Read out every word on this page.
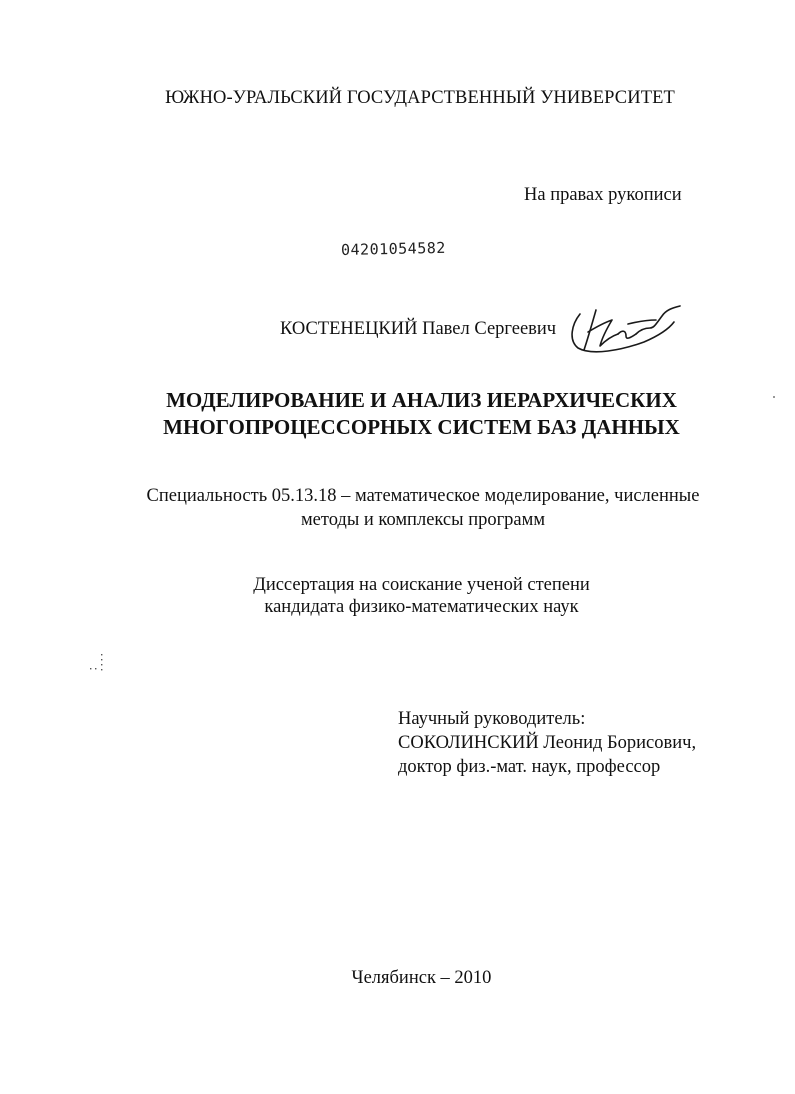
ЮЖНО-УРАЛЬСКИЙ ГОСУДАРСТВЕННЫЙ УНИВЕРСИТЕТ
На правах рукописи
04201054582
КОСТЕНЕЦКИЙ Павел Сергеевич
МОДЕЛИРОВАНИЕ И АНАЛИЗ ИЕРАРХИЧЕСКИХ
МНОГОПРОЦЕССОРНЫХ СИСТЕМ БАЗ ДАННЫХ
Специальность 05.13.18 – математическое моделирование, численные
методы и комплексы программ
Диссертация на соискание ученой степени
кандидата физико-математических наук
Научный руководитель:
СОКОЛИНСКИЙ Леонид Борисович,
доктор физ.-мат. наук, профессор
Челябинск – 2010
